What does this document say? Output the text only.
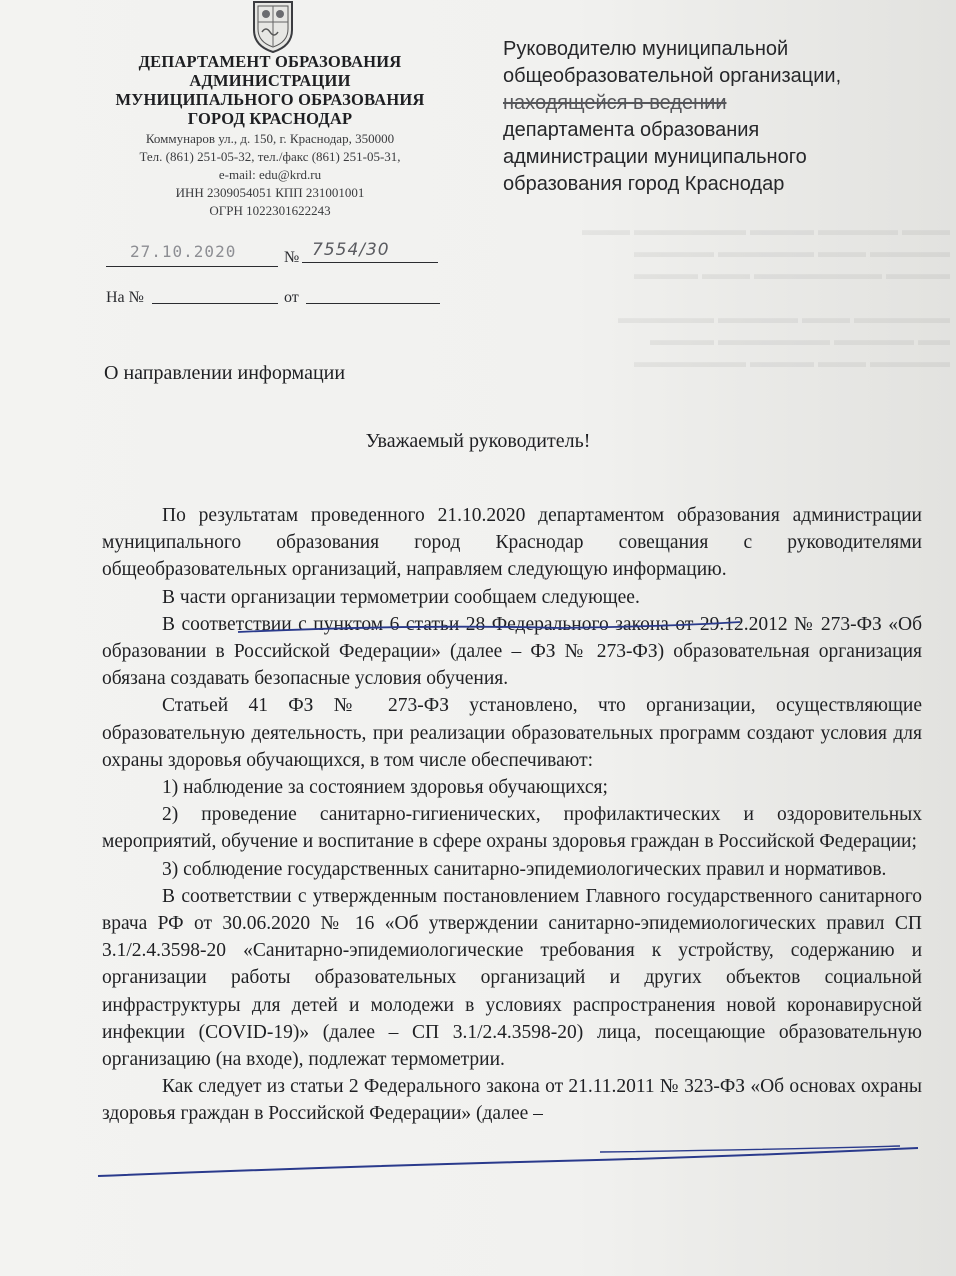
▬▬▬ ▬▬▬▬▬ ▬▬▬▬ ▬▬▬▬▬▬▬ ▬▬▬
▬▬▬▬▬ ▬▬▬ ▬▬▬▬▬▬ ▬▬▬▬▬
▬▬▬▬ ▬▬▬▬▬▬▬▬ ▬▬▬ ▬▬▬▬

▬▬▬▬▬▬ ▬▬▬ ▬▬▬▬▬ ▬▬▬▬▬▬
▬▬ ▬▬▬▬▬ ▬▬▬▬▬▬▬ ▬▬▬▬
▬▬▬▬▬ ▬▬▬ ▬▬▬▬ ▬▬▬▬▬▬▬
ДЕПАРТАМЕНТ ОБРАЗОВАНИЯ
АДМИНИСТРАЦИИ
МУНИЦИПАЛЬНОГО ОБРАЗОВАНИЯ
ГОРОД КРАСНОДАР
Коммунаров ул., д. 150, г. Краснодар, 350000
Тел. (861) 251-05-32, тел./факс (861) 251-05-31,
e-mail: edu@krd.ru
ИНН 2309054051 КПП 231001001
ОГРН 1022301622243
Руководителю муниципальной
общеобразовательной организации,
находящейся в ведении
департамента образования
администрации муниципального
образования город Краснодар
27.10.2020	№ 7554/30
На №	от
О направлении информации
Уважаемый руководитель!

По результатам проведенного 21.10.2020 департаментом образования администрации муниципального образования город Краснодар совещания с руководителями общеобразовательных организаций, направляем следующую информацию.

В части организации термометрии сообщаем следующее.

В соответствии с пунктом 6 статьи 28 Федерального закона от 29.12.2012 № 273-ФЗ «Об образовании в Российской Федерации» (далее – ФЗ № 273-ФЗ) образовательная организация обязана создавать безопасные условия обучения.

Статьей 41 ФЗ № 273-ФЗ установлено, что организации, осуществляющие образовательную деятельность, при реализации образовательных программ создают условия для охраны здоровья обучающихся, в том числе обеспечивают:

1) наблюдение за состоянием здоровья обучающихся;

2) проведение санитарно-гигиенических, профилактических и оздоровительных мероприятий, обучение и воспитание в сфере охраны здоровья граждан в Российской Федерации;

3) соблюдение государственных санитарно-эпидемиологических правил и нормативов.

В соответствии с утвержденным постановлением Главного государственного санитарного врача РФ от 30.06.2020 № 16 «Об утверждении санитарно-эпидемиологических правил СП 3.1/2.4.3598-20 «Санитарно-эпидемиологические требования к устройству, содержанию и организации работы образовательных организаций и других объектов социальной инфраструктуры для детей и молодежи в условиях распространения новой коронавирусной инфекции (COVID-19)» (далее – СП 3.1/2.4.3598-20) лица, посещающие образовательную организацию (на входе), подлежат термометрии.

Как следует из статьи 2 Федерального закона от 21.11.2011 № 323-ФЗ «Об основах охраны здоровья граждан в Российской Федерации» (далее –
